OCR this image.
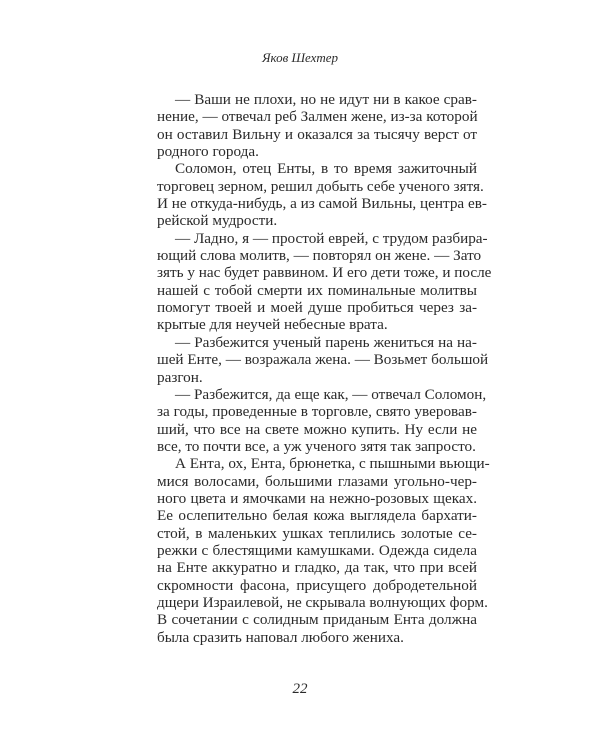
Яков Шехтер
— Ваши не плохи, но не идут ни в какое срав-
нение, — отвечал реб Залмен жене, из-за которой
он оставил Вильну и оказался за тысячу верст от
родного города.
Соломон, отец Енты, в то время зажиточный
торговец зерном, решил добыть себе ученого зятя.
И не откуда-нибудь, а из самой Вильны, центра ев-
рейской мудрости.
— Ладно, я — простой еврей, с трудом разбира-
ющий слова молитв, — повторял он жене. — Зато
зять у нас будет раввином. И его дети тоже, и после
нашей с тобой смерти их поминальные молитвы
помогут твоей и моей душе пробиться через за-
крытые для неучей небесные врата.
— Разбежится ученый парень жениться на на-
шей Енте, — возражала жена. — Возьмет большой
разгон.
— Разбежится, да еще как, — отвечал Соломон,
за годы, проведенные в торговле, свято уверовав-
ший, что все на свете можно купить. Ну если не
все, то почти все, а уж ученого зятя так запросто.
А Ента, ох, Ента, брюнетка, с пышными вьющи-
мися волосами, большими глазами угольно-чер-
ного цвета и ямочками на нежно-розовых щеках.
Ее ослепительно белая кожа выглядела бархати-
стой, в маленьких ушках теплились золотые се-
режки с блестящими камушками. Одежда сидела
на Енте аккуратно и гладко, да так, что при всей
скромности фасона, присущего добродетельной
дщери Израилевой, не скрывала волнующих форм.
В сочетании с солидным приданым Ента должна
была сразить наповал любого жениха.
22
